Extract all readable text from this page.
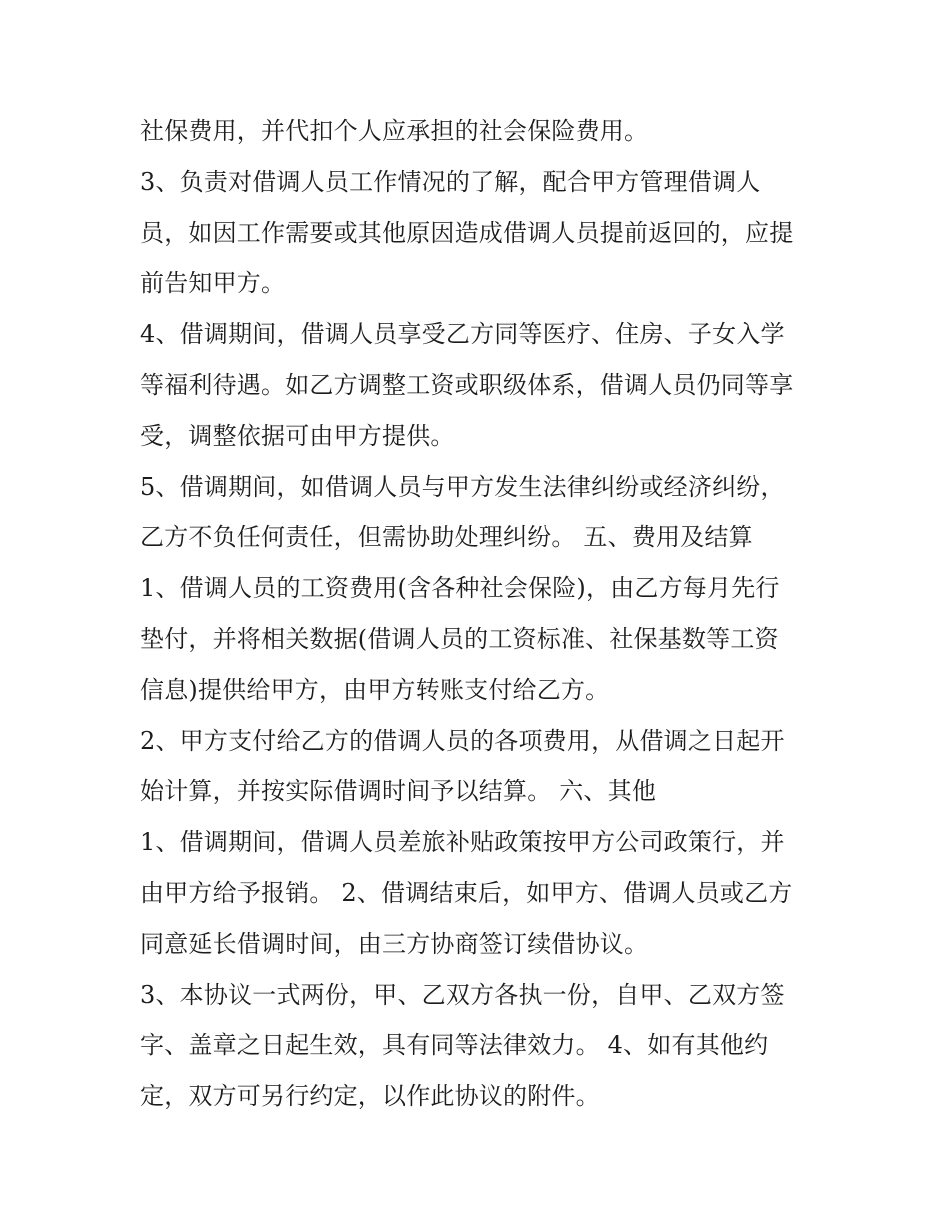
社保费用，并代扣个人应承担的社会保险费用。
3、负责对借调人员工作情况的了解，配合甲方管理借调人
员，如因工作需要或其他原因造成借调人员提前返回的，应提
前告知甲方。
4、借调期间，借调人员享受乙方同等医疗、住房、子女入学
等福利待遇。如乙方调整工资或职级体系，借调人员仍同等享
受，调整依据可由甲方提供。
5、借调期间，如借调人员与甲方发生法律纠纷或经济纠纷，
乙方不负任何责任，但需协助处理纠纷。 五、费用及结算
1、借调人员的工资费用(含各种社会保险)，由乙方每月先行
垫付，并将相关数据(借调人员的工资标准、社保基数等工资
信息)提供给甲方，由甲方转账支付给乙方。
2、甲方支付给乙方的借调人员的各项费用，从借调之日起开
始计算，并按实际借调时间予以结算。 六、其他
1、借调期间，借调人员差旅补贴政策按甲方公司政策行，并
由甲方给予报销。 2、借调结束后，如甲方、借调人员或乙方
同意延长借调时间，由三方协商签订续借协议。
3、本协议一式两份，甲、乙双方各执一份，自甲、乙双方签
字、盖章之日起生效，具有同等法律效力。 4、如有其他约
定，双方可另行约定，以作此协议的附件。
